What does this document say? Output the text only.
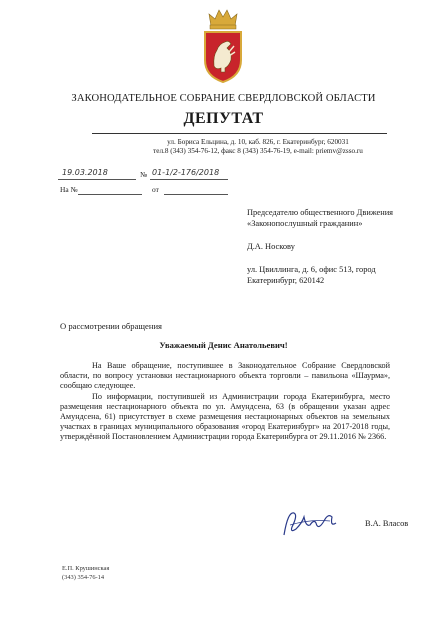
ЗАКОНОДАТЕЛЬНОЕ СОБРАНИЕ СВЕРДЛОВСКОЙ ОБЛАСТИ
ДЕПУТАТ
ул. Бориса Ельцина, д. 10, каб. 826, г. Екатеринбург, 620031
тел.8 (343) 354-76-12, факс 8 (343) 354-76-19, e-mail: priemv@zsso.ru
19.03.2018	№ 01-1/2-176/2018
На №	от
Председателю общественного Движения «Законопослушный гражданин»
Д.А. Носкову
ул. Цвиллинга, д. 6, офис 513, город Екатеринбург, 620142
О рассмотрении обращения
Уважаемый Денис Анатольевич!

На Ваше обращение, поступившее в Законодательное Собрание Свердловской области, по вопросу установки нестационарного объекта торговли – павильона «Шаурма», сообщаю следующее.

По информации, поступившей из Администрации города Екатеринбурга, место размещения нестационарного объекта по ул. Амундсена, 63 (в обращении указан адрес Амундсена, 61) присутствует в схеме размещения нестационарных объектов на земельных участках в границах муниципального образования «город Екатеринбург» на 2017-2018 годы, утверждённой Постановлением Администрации города Екатеринбурга от 29.11.2016 № 2366.

В.А. Власов
Е.П. Крушинская
(343) 354-76-14
